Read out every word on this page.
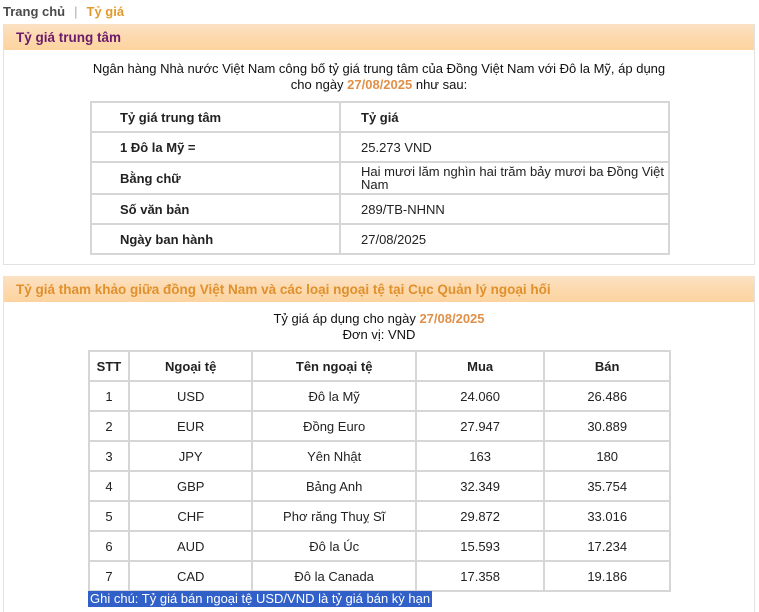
Trang chủ | Tỷ giá
Tỷ giá trung tâm
Ngân hàng Nhà nước Việt Nam công bố tỷ giá trung tâm của Đồng Việt Nam với Đô la Mỹ, áp dụng
cho ngày 27/08/2025 như sau:
Tỷ giá trung tâm	Tỷ giá
1 Đô la Mỹ =	25.273 VND
Bằng chữ	Hai mươi lăm nghìn hai trăm bảy mươi ba Đồng Việt Nam
Số văn bản	289/TB-NHNN
Ngày ban hành	27/08/2025
Tỷ giá tham khảo giữa đồng Việt Nam và các loại ngoại tệ tại Cục Quản lý ngoại hối
Tỷ giá áp dụng cho ngày 27/08/2025
Đơn vị: VND
STT	Ngoại tệ	Tên ngoại tệ	Mua	Bán
1	USD	Đô la Mỹ	24.060	26.486
2	EUR	Đồng Euro	27.947	30.889
3	JPY	Yên Nhật	163	180
4	GBP	Bảng Anh	32.349	35.754
5	CHF	Phơ răng Thuỵ Sĩ	29.872	33.016
6	AUD	Đô la Úc	15.593	17.234
7	CAD	Đô la Canada	17.358	19.186
Ghi chú: Tỷ giá bán ngoại tệ USD/VND là tỷ giá bán kỳ hạn
